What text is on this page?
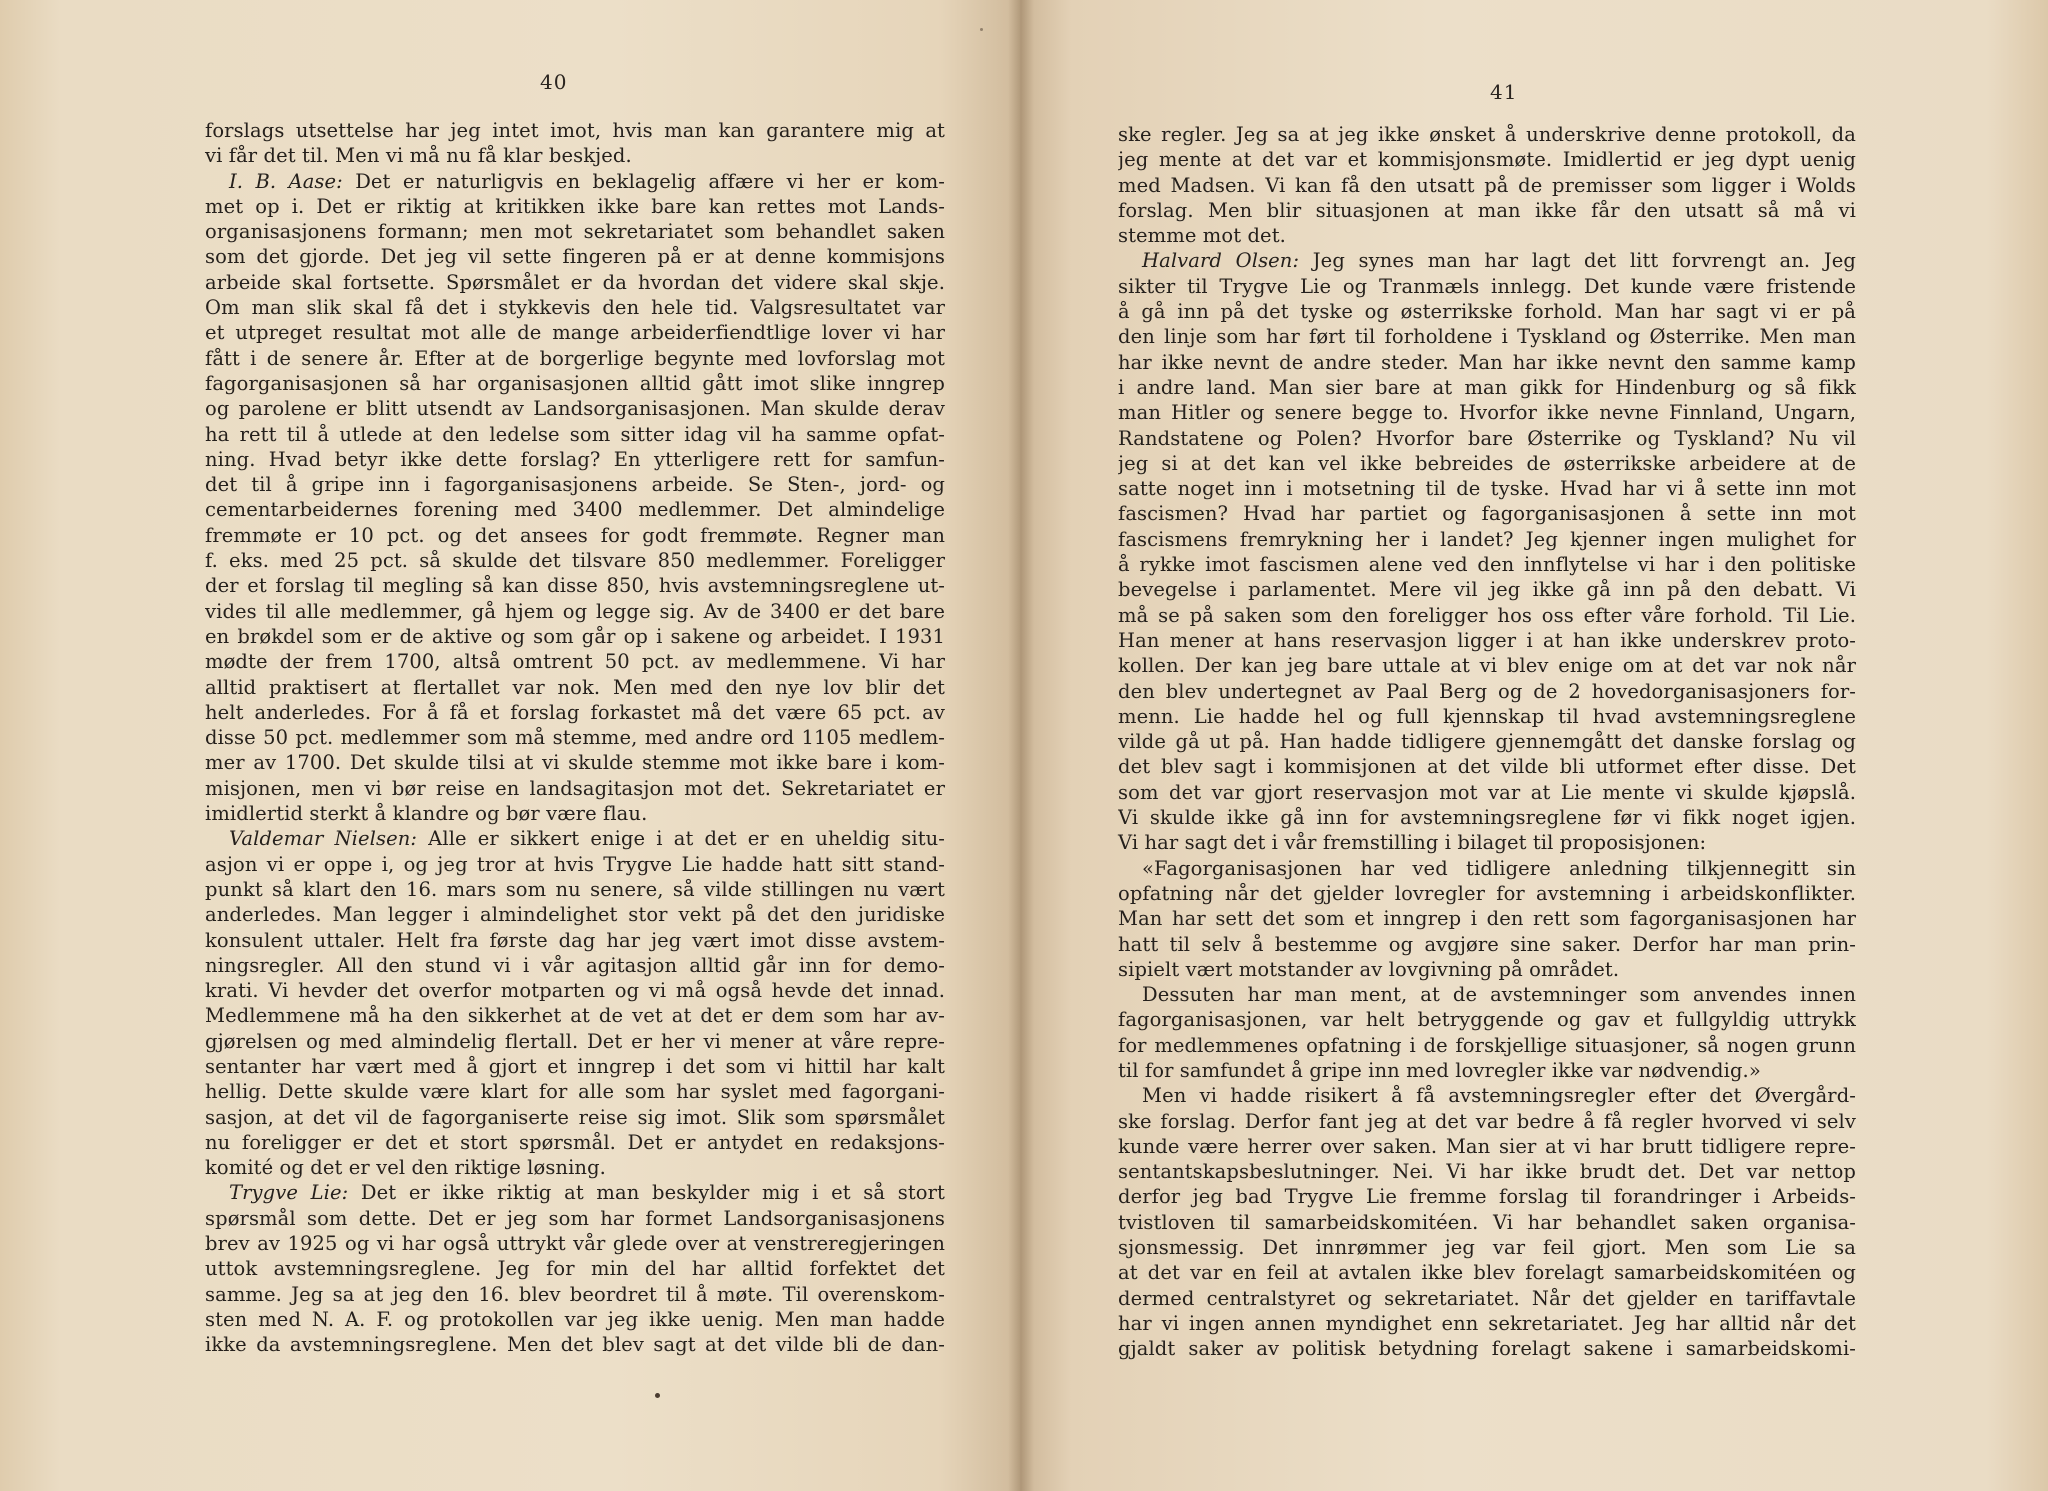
40
forslags utsettelse har jeg intet imot, hvis man kan garantere mig at
vi får det til. Men vi må nu få klar beskjed.
I. B. Aase: Det er naturligvis en beklagelig affære vi her er kom-
met op i. Det er riktig at kritikken ikke bare kan rettes mot Lands-
organisasjonens formann; men mot sekretariatet som behandlet saken
som det gjorde. Det jeg vil sette fingeren på er at denne kommisjons
arbeide skal fortsette. Spørsmålet er da hvordan det videre skal skje.
Om man slik skal få det i stykkevis den hele tid. Valgsresultatet var
et utpreget resultat mot alle de mange arbeiderfiendtlige lover vi har
fått i de senere år. Efter at de borgerlige begynte med lovforslag mot
fagorganisasjonen så har organisasjonen alltid gått imot slike inngrep
og parolene er blitt utsendt av Landsorganisasjonen. Man skulde derav
ha rett til å utlede at den ledelse som sitter idag vil ha samme opfat-
ning. Hvad betyr ikke dette forslag? En ytterligere rett for samfun-
det til å gripe inn i fagorganisasjonens arbeide. Se Sten-, jord- og
cementarbeidernes forening med 3400 medlemmer. Det almindelige
fremmøte er 10 pct. og det ansees for godt fremmøte. Regner man
f. eks. med 25 pct. så skulde det tilsvare 850 medlemmer. Foreligger
der et forslag til megling så kan disse 850, hvis avstemningsreglene ut-
vides til alle medlemmer, gå hjem og legge sig. Av de 3400 er det bare
en brøkdel som er de aktive og som går op i sakene og arbeidet. I 1931
mødte der frem 1700, altså omtrent 50 pct. av medlemmene. Vi har
alltid praktisert at flertallet var nok. Men med den nye lov blir det
helt anderledes. For å få et forslag forkastet må det være 65 pct. av
disse 50 pct. medlemmer som må stemme, med andre ord 1105 medlem-
mer av 1700. Det skulde tilsi at vi skulde stemme mot ikke bare i kom-
misjonen, men vi bør reise en landsagitasjon mot det. Sekretariatet er
imidlertid sterkt å klandre og bør være flau.
Valdemar Nielsen: Alle er sikkert enige i at det er en uheldig situ-
asjon vi er oppe i, og jeg tror at hvis Trygve Lie hadde hatt sitt stand-
punkt så klart den 16. mars som nu senere, så vilde stillingen nu vært
anderledes. Man legger i almindelighet stor vekt på det den juridiske
konsulent uttaler. Helt fra første dag har jeg vært imot disse avstem-
ningsregler. All den stund vi i vår agitasjon alltid går inn for demo-
krati. Vi hevder det overfor motparten og vi må også hevde det innad.
Medlemmene må ha den sikkerhet at de vet at det er dem som har av-
gjørelsen og med almindelig flertall. Det er her vi mener at våre repre-
sentanter har vært med å gjort et inngrep i det som vi hittil har kalt
hellig. Dette skulde være klart for alle som har syslet med fagorgani-
sasjon, at det vil de fagorganiserte reise sig imot. Slik som spørsmålet
nu foreligger er det et stort spørsmål. Det er antydet en redaksjons-
komité og det er vel den riktige løsning.
Trygve Lie: Det er ikke riktig at man beskylder mig i et så stort
spørsmål som dette. Det er jeg som har formet Landsorganisasjonens
brev av 1925 og vi har også uttrykt vår glede over at venstreregjeringen
uttok avstemningsreglene. Jeg for min del har alltid forfektet det
samme. Jeg sa at jeg den 16. blev beordret til å møte. Til overenskom-
sten med N. A. F. og protokollen var jeg ikke uenig. Men man hadde
ikke da avstemningsreglene. Men det blev sagt at det vilde bli de dan-
41
ske regler. Jeg sa at jeg ikke ønsket å underskrive denne protokoll, da
jeg mente at det var et kommisjonsmøte. Imidlertid er jeg dypt uenig
med Madsen. Vi kan få den utsatt på de premisser som ligger i Wolds
forslag. Men blir situasjonen at man ikke får den utsatt så må vi
stemme mot det.
Halvard Olsen: Jeg synes man har lagt det litt forvrengt an. Jeg
sikter til Trygve Lie og Tranmæls innlegg. Det kunde være fristende
å gå inn på det tyske og østerrikske forhold. Man har sagt vi er på
den linje som har ført til forholdene i Tyskland og Østerrike. Men man
har ikke nevnt de andre steder. Man har ikke nevnt den samme kamp
i andre land. Man sier bare at man gikk for Hindenburg og så fikk
man Hitler og senere begge to. Hvorfor ikke nevne Finnland, Ungarn,
Randstatene og Polen? Hvorfor bare Østerrike og Tyskland? Nu vil
jeg si at det kan vel ikke bebreides de østerrikske arbeidere at de
satte noget inn i motsetning til de tyske. Hvad har vi å sette inn mot
fascismen? Hvad har partiet og fagorganisasjonen å sette inn mot
fascismens fremrykning her i landet? Jeg kjenner ingen mulighet for
å rykke imot fascismen alene ved den innflytelse vi har i den politiske
bevegelse i parlamentet. Mere vil jeg ikke gå inn på den debatt. Vi
må se på saken som den foreligger hos oss efter våre forhold. Til Lie.
Han mener at hans reservasjon ligger i at han ikke underskrev proto-
kollen. Der kan jeg bare uttale at vi blev enige om at det var nok når
den blev undertegnet av Paal Berg og de 2 hovedorganisasjoners for-
menn. Lie hadde hel og full kjennskap til hvad avstemningsreglene
vilde gå ut på. Han hadde tidligere gjennemgått det danske forslag og
det blev sagt i kommisjonen at det vilde bli utformet efter disse. Det
som det var gjort reservasjon mot var at Lie mente vi skulde kjøpslå.
Vi skulde ikke gå inn for avstemningsreglene før vi fikk noget igjen.
Vi har sagt det i vår fremstilling i bilaget til proposisjonen:
«Fagorganisasjonen har ved tidligere anledning tilkjennegitt sin
opfatning når det gjelder lovregler for avstemning i arbeidskonflikter.
Man har sett det som et inngrep i den rett som fagorganisasjonen har
hatt til selv å bestemme og avgjøre sine saker. Derfor har man prin-
sipielt vært motstander av lovgivning på området.
Dessuten har man ment, at de avstemninger som anvendes innen
fagorganisasjonen, var helt betryggende og gav et fullgyldig uttrykk
for medlemmenes opfatning i de forskjellige situasjoner, så nogen grunn
til for samfundet å gripe inn med lovregler ikke var nødvendig.»
Men vi hadde risikert å få avstemningsregler efter det Øvergård-
ske forslag. Derfor fant jeg at det var bedre å få regler hvorved vi selv
kunde være herrer over saken. Man sier at vi har brutt tidligere repre-
sentantskapsbeslutninger. Nei. Vi har ikke brudt det. Det var nettop
derfor jeg bad Trygve Lie fremme forslag til forandringer i Arbeids-
tvistloven til samarbeidskomitéen. Vi har behandlet saken organisa-
sjonsmessig. Det innrømmer jeg var feil gjort. Men som Lie sa
at det var en feil at avtalen ikke blev forelagt samarbeidskomitéen og
dermed centralstyret og sekretariatet. Når det gjelder en tariffavtale
har vi ingen annen myndighet enn sekretariatet. Jeg har alltid når det
gjaldt saker av politisk betydning forelagt sakene i samarbeidskomi-
